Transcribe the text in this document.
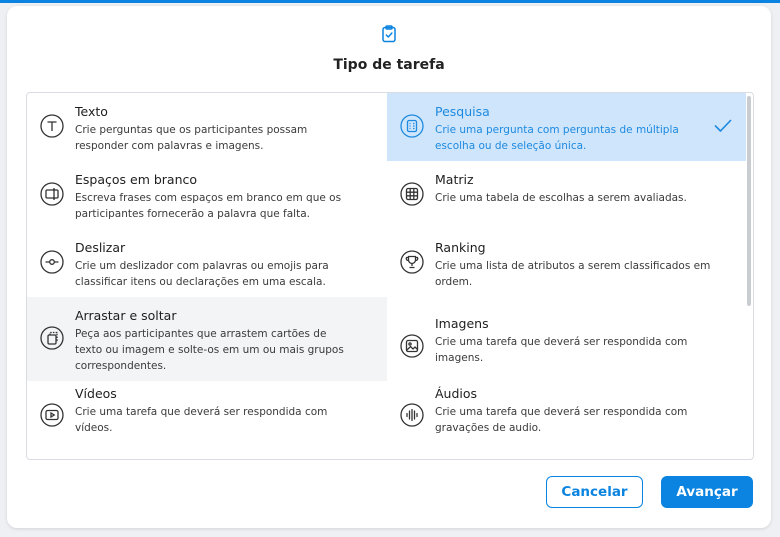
Tipo de tarefa
Texto
Crie perguntas que os participantes possam responder com palavras e imagens.
Pesquisa
Crie uma pergunta com perguntas de múltipla escolha ou de seleção única.
Espaços em branco
Escreva frases com espaços em branco em que os participantes fornecerão a palavra que falta.
Matriz
Crie uma tabela de escolhas a serem avaliadas.
Deslizar
Crie um deslizador com palavras ou emojis para classificar itens ou declarações em uma escala.
Ranking
Crie uma lista de atributos a serem classificados em ordem.
Arrastar e soltar
Peça aos participantes que arrastem cartões de texto ou imagem e solte-os em um ou mais grupos correspondentes.
Imagens
Crie uma tarefa que deverá ser respondida com imagens.
Vídeos
Crie uma tarefa que deverá ser respondida com vídeos.
Áudios
Crie uma tarefa que deverá ser respondida com gravações de audio.
Cancelar	Avançar
